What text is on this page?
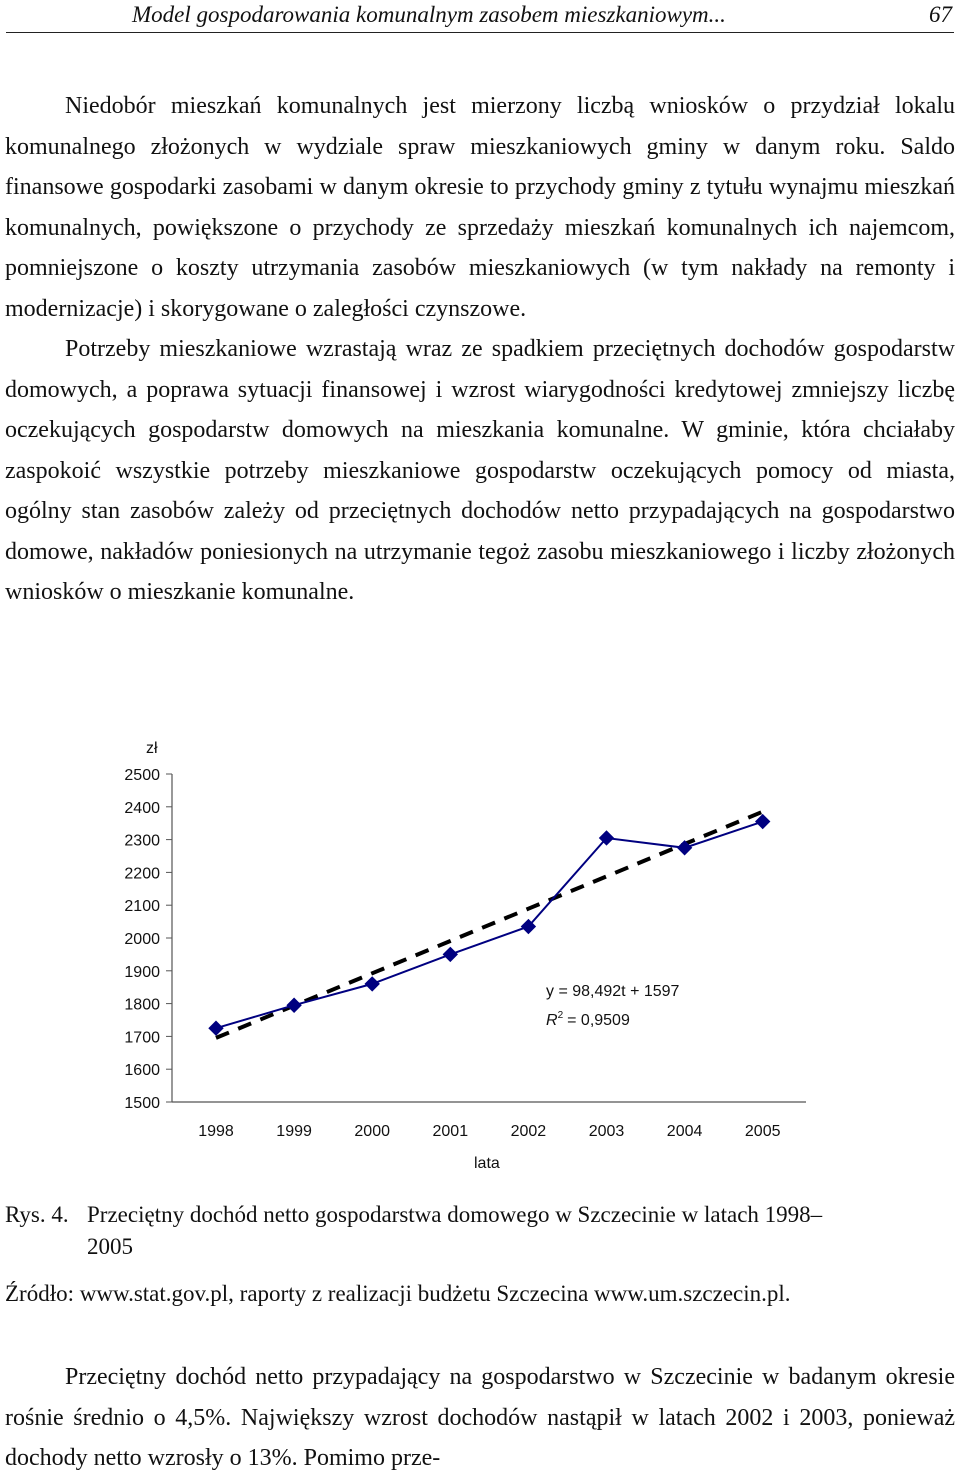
Model gospodarowania komunalnym zasobem mieszkaniowym...	67

Niedobór mieszkań komunalnych jest mierzony liczbą wniosków o przydział lokalu komunalnego złożonych w wydziale spraw mieszkaniowych gminy w danym roku. Saldo finansowe gospodarki zasobami w danym okresie to przychody gminy z tytułu wynajmu mieszkań komunalnych, powiększone o przychody ze sprzedaży mieszkań komunalnych ich najemcom, pomniejszone o koszty utrzymania zasobów mieszkaniowych (w tym nakłady na remonty i modernizacje) i skorygowane o zaległości czynszowe.

Potrzeby mieszkaniowe wzrastają wraz ze spadkiem przeciętnych dochodów gospodarstw domowych, a poprawa sytuacji finansowej i wzrost wiarygodności kredytowej zmniejszy liczbę oczekujących gospodarstw domowych na mieszkania komunalne. W gminie, która chciałaby zaspokoić wszystkie potrzeby mieszkaniowe gospodarstw oczekujących pomocy od miasta, ogólny stan zasobów zależy od przeciętnych dochodów netto przypadających na gospodarstwo domowe, nakładów poniesionych na utrzymanie tegoż zasobu mieszkaniowego i liczby złożonych wniosków o mieszkanie komunalne.

zł
2500
2400
2300
2200
2100
2000
1900
1800
1700
1600
1500
1998	1999	2000	2001	2002	2003	2004	2005
lata
y = 98,492t + 1597
$R^2 = 0,9509$
Rys. 4. Przeciętny dochód netto gospodarstwa domowego w Szczecinie w latach 1998–
2005
Źródło: www.stat.gov.pl, raporty z realizacji budżetu Szczecina www.um.szczecin.pl.

Przeciętny dochód netto przypadający na gospodarstwo w Szczecinie w badanym okresie rośnie średnio o 4,5%. Największy wzrost dochodów nastąpił w latach 2002 i 2003, ponieważ dochody netto wzrosły o 13%. Pomimo prze-
